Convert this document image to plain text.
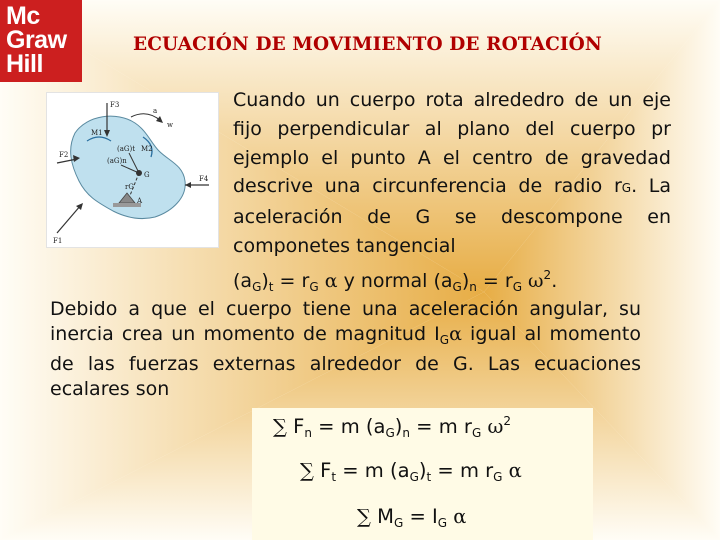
Mc
Graw
Hill
ECUACIÓN DE MOVIMIENTO DE ROTACIÓN
F3
F2
F4
F1
M1
M2
G
a
w
(aG)n
(aG)t
rG
A
Cuando un cuerpo rota alrededro de un eje fijo perpendicular al plano del cuerpo pr ejemplo el punto A el centro de gravedad descrive una circunferencia de radio rG. La aceleración de G se descompone en componetes tangencial
$(a_G)_t = r_G$ α y normal $(a_G)_n = r_G$ $\omega^2$.
Debido a que el cuerpo tiene una aceleración angular, su inercia crea un momento de magnitud $I_G\alpha$ igual al momento de las fuerzas externas alrededor de G. Las ecuaciones ecalares son
∑ $F_n = m$ $(a_G)_n = m$ $r_G$ $\omega^2$
∑ $F_t = m$ $(a_G)_t = m$ $r_G$ α
∑ $M_G = I_G$ α
